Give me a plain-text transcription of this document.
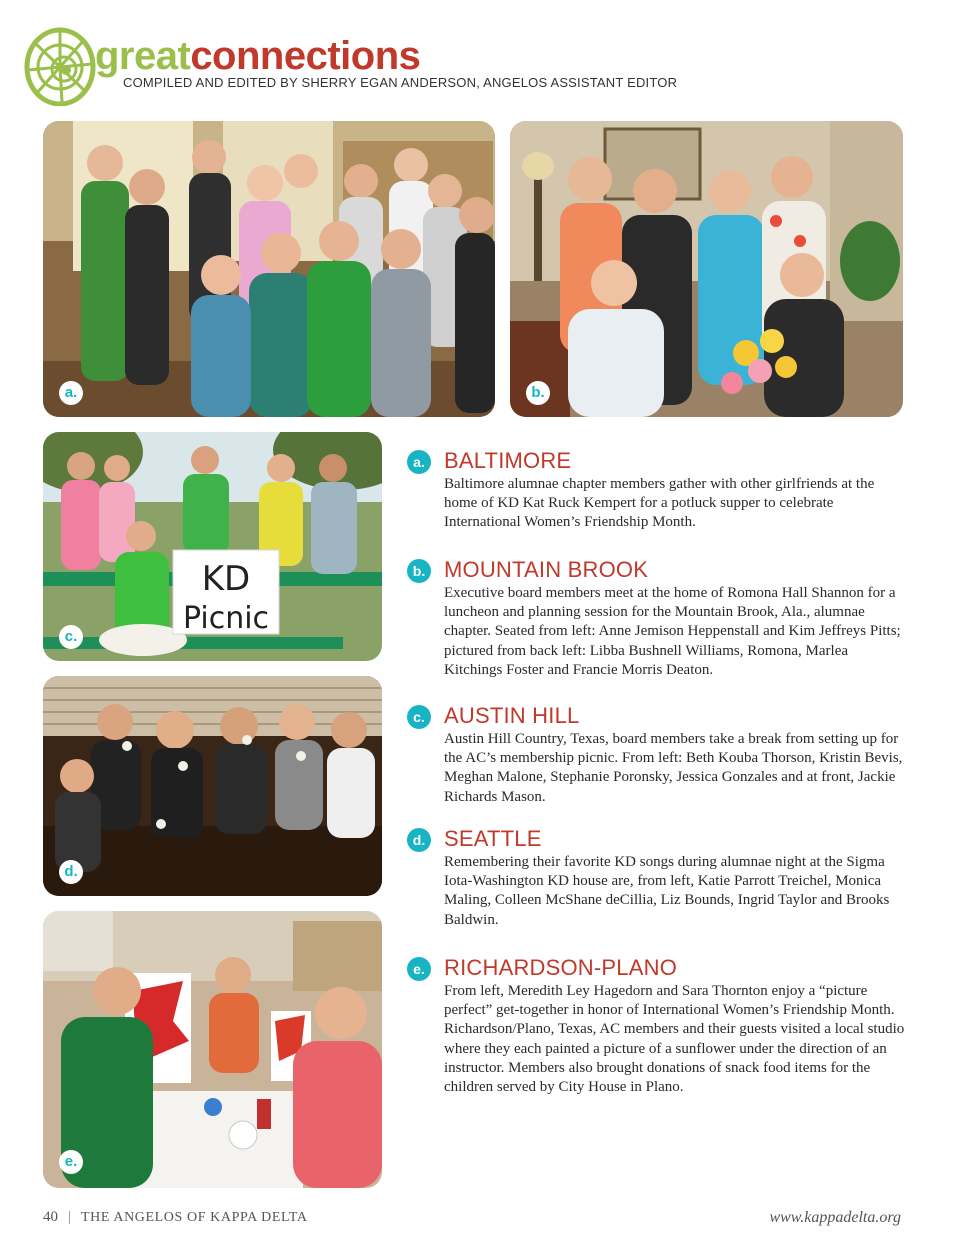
greatconnections
COMPILED AND EDITED BY SHERRY EGAN ANDERSON, ANGELOS ASSISTANT EDITOR
a.	b.
KD
Picnic
c.
d.
e.
a. BALTIMORE

Baltimore alumnae chapter members gather with other girlfriends at the home of KD Kat Ruck Kempert for a potluck supper to celebrate International Women’s Friendship Month.

b. MOUNTAIN BROOK

Executive board members meet at the home of Romona Hall Shannon for a luncheon and planning session for the Mountain Brook, Ala., alumnae chapter. Seated from left: Anne Jemison Heppenstall and Kim Jeffreys Pitts; pictured from back left: Libba Bushnell Williams, Romona, Marlea Kitchings Foster and Francie Morris Deaton.

c. AUSTIN HILL

Austin Hill Country, Texas, board members take a break from setting up for the AC’s membership picnic. From left: Beth Kouba Thorson, Kristin Bevis, Meghan Malone, Stephanie Poronsky, Jessica Gonzales and at front, Jackie Richards Mason.

d. SEATTLE

Remembering their favorite KD songs during alumnae night at the Sigma Iota-Washington KD house are, from left, Katie Parrott Treichel, Monica Maling, Colleen McShane deCillia, Liz Bounds, Ingrid Taylor and Brooks Baldwin.

e. RICHARDSON-PLANO

From left, Meredith Ley Hagedorn and Sara Thornton enjoy a “picture perfect” get-together in honor of International Women’s Friendship Month. Richardson/Plano, Texas, AC members and their guests visited a local studio where they each painted a picture of a sunflower under the direction of an instructor. Members also brought donations of snack food items for the children served by City House in Plano.

40 | THE ANGELOS OF KAPPA DELTA	www.kappadelta.org
